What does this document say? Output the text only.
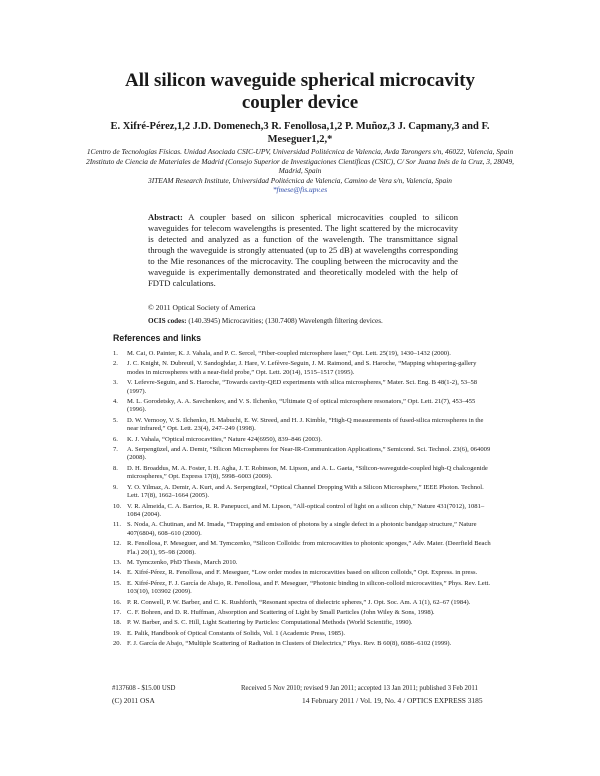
All silicon waveguide spherical microcavity coupler device
E. Xifré-Pérez,1,2 J.D. Domenech,3 R. Fenollosa,1,2 P. Muñoz,3 J. Capmany,3 and F. Meseguer1,2,*

1Centro de Tecnologías Físicas. Unidad Asociada CSIC-UPV, Universidad Politécnica de Valencia, Avda Tarongers s/n, 46022, Valencia, Spain

2Instituto de Ciencia de Materiales de Madrid (Consejo Superior de Investigaciones Científicas (CSIC), C/ Sor Juana Inés de la Cruz, 3, 28049, Madrid, Spain

3ITEAM Research Institute, Universidad Politécnica de Valencia, Camino de Vera s/n, Valencia, Spain

*fmese@fis.upv.es

Abstract: A coupler based on silicon spherical microcavities coupled to silicon waveguides for telecom wavelengths is presented. The light scattered by the microcavity is detected and analyzed as a function of the wavelength. The transmittance signal through the waveguide is strongly attenuated (up to 25 dB) at wavelengths corresponding to the Mie resonances of the microcavity. The coupling between the microcavity and the waveguide is experimentally demonstrated and theoretically modeled with the help of FDTD calculations.
© 2011 Optical Society of America
OCIS codes: (140.3945) Microcavities; (130.7408) Wavelength filtering devices.
References and links
1.	M. Cai, O. Painter, K. J. Vahala, and P. C. Sercel, “Fiber-coupled microsphere laser,” Opt. Lett. 25(19), 1430–1432 (2000).
2.	J. C. Knight, N. Dubreuil, V. Sandoghdar, J. Hare, V. Lefèvre-Seguin, J. M. Raimond, and S. Haroche, “Mapping whispering-gallery modes in microspheres with a near-field probe,” Opt. Lett. 20(14), 1515–1517 (1995).
3.	V. Lefevre-Seguin, and S. Haroche, “Towards cavity-QED experiments with silica microspheres,” Mater. Sci. Eng. B 48(1-2), 53–58 (1997).
4.	M. L. Gorodetsky, A. A. Savchenkov, and V. S. Ilchenko, “Ultimate Q of optical microsphere resonators,” Opt. Lett. 21(7), 453–455 (1996).
5.	D. W. Vernooy, V. S. Ilchenko, H. Mabuchi, E. W. Streed, and H. J. Kimble, “High-Q measurements of fused-silica microspheres in the near infrared,” Opt. Lett. 23(4), 247–249 (1998).
6.	K. J. Vahala, “Optical microcavities,” Nature 424(6950), 839–846 (2003).
7.	A. Serpengüzel, and A. Demir, “Silicon Microspheres for Near-IR-Communication Applications,” Semicond. Sci. Technol. 23(6), 064009 (2008).
8.	D. H. Broaddus, M. A. Foster, I. H. Agha, J. T. Robinson, M. Lipson, and A. L. Gaeta, “Silicon-waveguide-coupled high-Q chalcogenide microspheres,” Opt. Express 17(8), 5998–6003 (2009).
9.	Y. O. Yilmaz, A. Demir, A. Kurt, and A. Serpengüzel, “Optical Channel Dropping With a Silicon Microsphere,” IEEE Photon. Technol. Lett. 17(8), 1662–1664 (2005).
10. V. R. Almeida, C. A. Barrios, R. R. Panepucci, and M. Lipson, “All-optical control of light on a silicon chip,” Nature 431(7012), 1081–1084 (2004).
11. S. Noda, A. Chutinan, and M. Imada, “Trapping and emission of photons by a single defect in a photonic bandgap structure,” Nature 407(6804), 608–610 (2000).
12. R. Fenollosa, F. Meseguer, and M. Tymczenko, “Silicon Colloids: from microcavities to photonic sponges,” Adv. Mater. (Deerfield Beach Fla.) 20(1), 95–98 (2008).
13. M. Tymczenko, PhD Thesis, March 2010.
14. E. Xifré-Pérez, R. Fenollosa, and F. Meseguer, “Low order modes in microcavities based on silicon colloids,” Opt. Express. in press.
15. E. Xifré-Pérez, F. J. García de Abajo, R. Fenollosa, and F. Meseguer, “Photonic binding in silicon-colloid microcavities,” Phys. Rev. Lett. 103(10), 103902 (2009).
16. P. R. Conwell, P. W. Barber, and C. K. Rushforth, “Resonant spectra of dielectric spheres,” J. Opt. Soc. Am. A 1(1), 62–67 (1984).
17. C. F. Bohren, and D. R. Huffman, Absorption and Scattering of Light by Small Particles (John Wiley & Sons, 1998).
18. P. W. Barber, and S. C. Hill, Light Scattering by Particles: Computational Methods (World Scientific, 1990).
19. E. Palik, Handbook of Optical Constants of Solids, Vol. 1 (Academic Press, 1985).
20. F. J. García de Abajo, “Multiple Scattering of Radiation in Clusters of Dielectrics,” Phys. Rev. B 60(8), 6086–6102 (1999).
#137608 - $15.00 USD	Received 5 Nov 2010; revised 9 Jan 2011; accepted 13 Jan 2011; published 3 Feb 2011
(C) 2011 OSA	14 February 2011 / Vol. 19, No. 4 / OPTICS EXPRESS 3185
